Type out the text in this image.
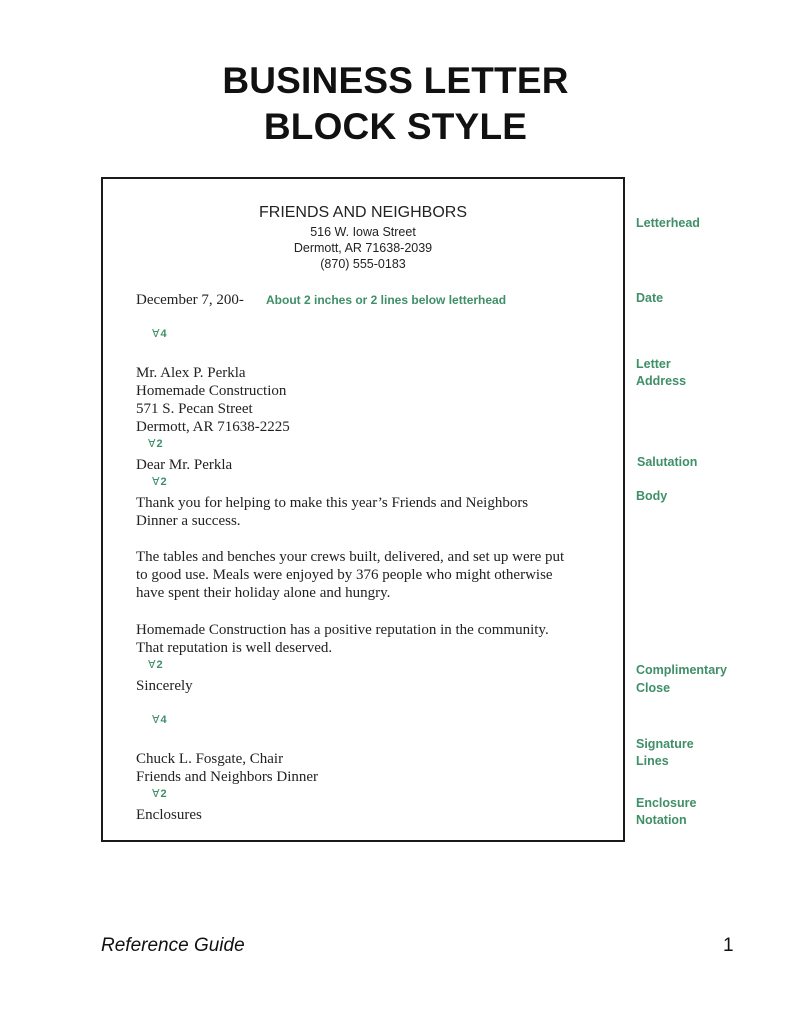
BUSINESS LETTER
BLOCK STYLE
FRIENDS AND NEIGHBORS
516 W. Iowa Street
Dermott, AR 71638-2039
(870) 555-0183
December 7, 200- About 2 inches or 2 lines below letterhead
∀4
Mr. Alex P. Perkla
Homemade Construction
571 S. Pecan Street
Dermott, AR 71638-2225
∀2
Dear Mr. Perkla
∀2
Thank you for helping to make this year’s Friends and Neighbors
Dinner a success.
The tables and benches your crews built, delivered, and set up were put
to good use. Meals were enjoyed by 376 people who might otherwise
have spent their holiday alone and hungry.
Homemade Construction has a positive reputation in the community.
That reputation is well deserved.
∀2
Sincerely
∀4
Chuck L. Fosgate, Chair
Friends and Neighbors Dinner
∀2
Enclosures
Letterhead
Date
Letter
Address
Salutation
Body
Complimentary
Close
Signature
Lines
Enclosure
Notation
Reference Guide	1
